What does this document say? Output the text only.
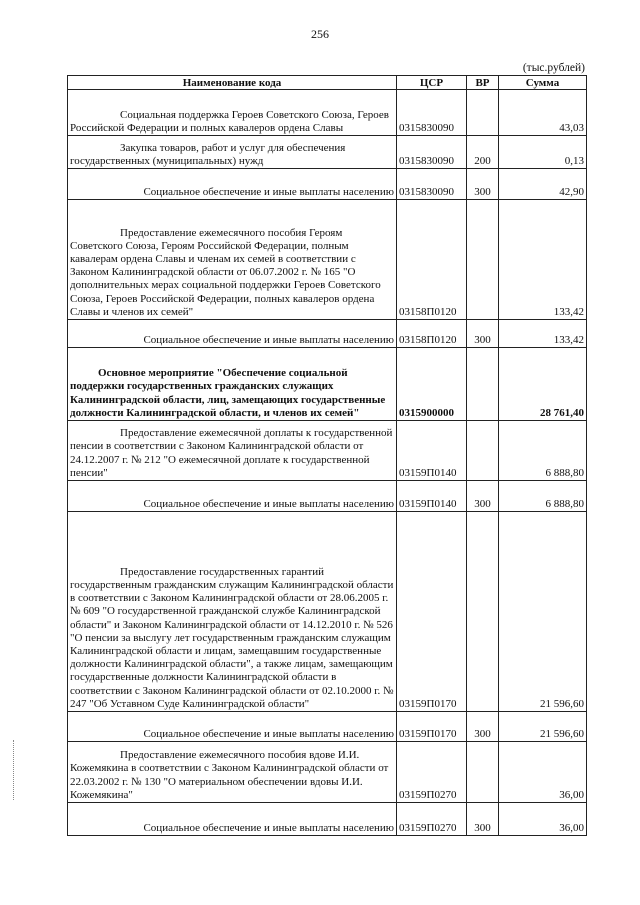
256
(тыс.рублей)
Наименование кода	ЦСР	ВР	Сумма
Социальная поддержка Героев Советского Союза, Героев Российской Федерации и полных кавалеров ордена Славы	0315830090		43,03
Закупка товаров, работ и услуг для обеспечения государственных (муниципальных) нужд	0315830090	200	0,13
Социальное обеспечение и иные выплаты населению	0315830090	300	42,90
Предоставление ежемесячного пособия Героям Советского Союза, Героям Российской Федерации, полным кавалерам ордена Славы и членам их семей в соответствии с Законом Калининградской области от 06.07.2002 г. № 165 "О дополнительных мерах социальной поддержки Героев Советского Союза, Героев Российской Федерации, полных кавалеров ордена Славы и членов их семей"	03158П0120		133,42
Социальное обеспечение и иные выплаты населению	03158П0120	300	133,42
Основное мероприятие "Обеспечение социальной поддержки государственных гражданских служащих Калининградской области, лиц, замещающих государственные должности Калининградской области, и членов их семей"	0315900000		28 761,40
Предоставление ежемесячной доплаты к государственной пенсии в соответствии с Законом Калининградской области от 24.12.2007 г. № 212 "О ежемесячной доплате к государственной пенсии"	03159П0140		6 888,80
Социальное обеспечение и иные выплаты населению	03159П0140	300	6 888,80
Предоставление государственных гарантий государственным гражданским служащим Калининградской области в соответствии с Законом Калининградской области от 28.06.2005 г. № 609 "О государственной гражданской службе Калининградской области" и Законом Калининградской области от 14.12.2010 г. № 526 "О пенсии за выслугу лет государственным гражданским служащим Калининградской области и лицам, замещавшим государственные должности Калининградской области", а также лицам, замещающим государственные должности Калининградской области в соответствии с Законом Калининградской области от 02.10.2000 г. № 247 "Об Уставном Суде Калининградской области"	03159П0170		21 596,60
Социальное обеспечение и иные выплаты населению	03159П0170	300	21 596,60
Предоставление ежемесячного пособия вдове И.И. Кожемякина в соответствии с Законом Калининградской области от 22.03.2002 г. № 130 "О материальном обеспечении вдовы И.И. Кожемякина"	03159П0270		36,00
Социальное обеспечение и иные выплаты населению	03159П0270	300	36,00
